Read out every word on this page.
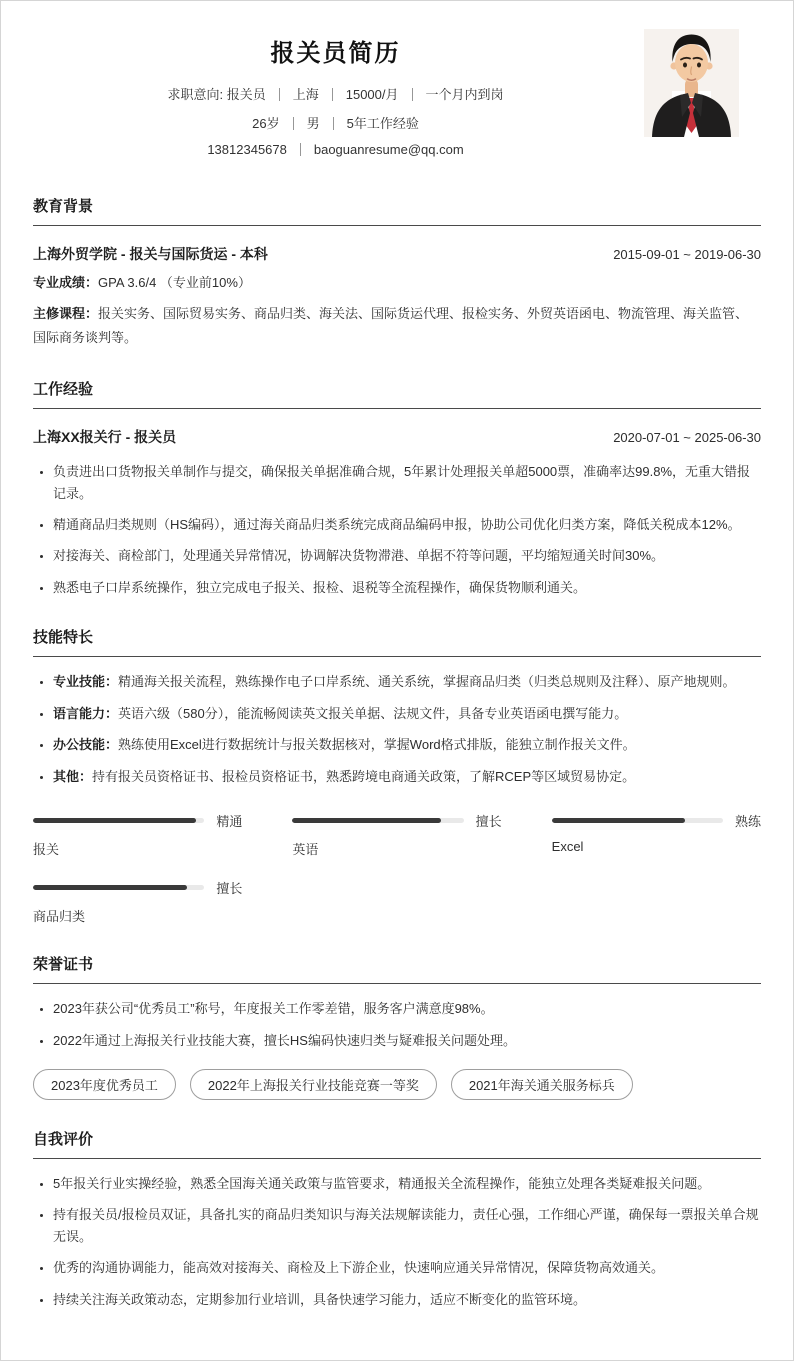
报关员简历
求职意向: 报关员 上海 15000/月 一个月内到岗
26岁 男 5年工作经验
13812345678 baoguanresume@qq.com
教育背景
上海外贸学院 - 报关与国际货运 - 本科	2015-09-01 ~ 2019-06-30

专业成绩：GPA 3.6/4 （专业前10%）

主修课程：报关实务、国际贸易实务、商品归类、海关法、国际货运代理、报检实务、外贸英语函电、物流管理、海关监管、国际商务谈判等。

工作经验
上海XX报关行 - 报关员	2020-07-01 ~ 2025-06-30
• 负责进出口货物报关单制作与提交，确保报关单据准确合规，5年累计处理报关单超5000票，准确率达99.8%，无重大错报记录。
• 精通商品归类规则（HS编码），通过海关商品归类系统完成商品编码申报，协助公司优化归类方案，降低关税成本12%。
• 对接海关、商检部门，处理通关异常情况，协调解决货物滞港、单据不符等问题，平均缩短通关时间30%。
• 熟悉电子口岸系统操作，独立完成电子报关、报检、退税等全流程操作，确保货物顺利通关。
技能特长
• 专业技能：精通海关报关流程，熟练操作电子口岸系统、通关系统，掌握商品归类（归类总规则及注释）、原产地规则。
• 语言能力：英语六级（580分），能流畅阅读英文报关单据、法规文件，具备专业英语函电撰写能力。
• 办公技能：熟练使用Excel进行数据统计与报关数据核对，掌握Word格式排版，能独立制作报关文件。
• 其他：持有报关员资格证书、报检员资格证书，熟悉跨境电商通关政策，了解RCEP等区域贸易协定。
精通
报关
擅长
英语
熟练
Excel
擅长
商品归类
荣誉证书
• 2023年获公司“优秀员工”称号，年度报关工作零差错，服务客户满意度98%。
• 2022年通过上海报关行业技能大赛，擅长HS编码快速归类与疑难报关问题处理。
2023年度优秀员工	2022年上海报关行业技能竞赛一等奖	2021年海关通关服务标兵
自我评价
• 5年报关行业实操经验，熟悉全国海关通关政策与监管要求，精通报关全流程操作，能独立处理各类疑难报关问题。
• 持有报关员/报检员双证，具备扎实的商品归类知识与海关法规解读能力，责任心强，工作细心严谨，确保每一票报关单合规无误。
• 优秀的沟通协调能力，能高效对接海关、商检及上下游企业，快速响应通关异常情况，保障货物高效通关。
• 持续关注海关政策动态，定期参加行业培训，具备快速学习能力，适应不断变化的监管环境。
